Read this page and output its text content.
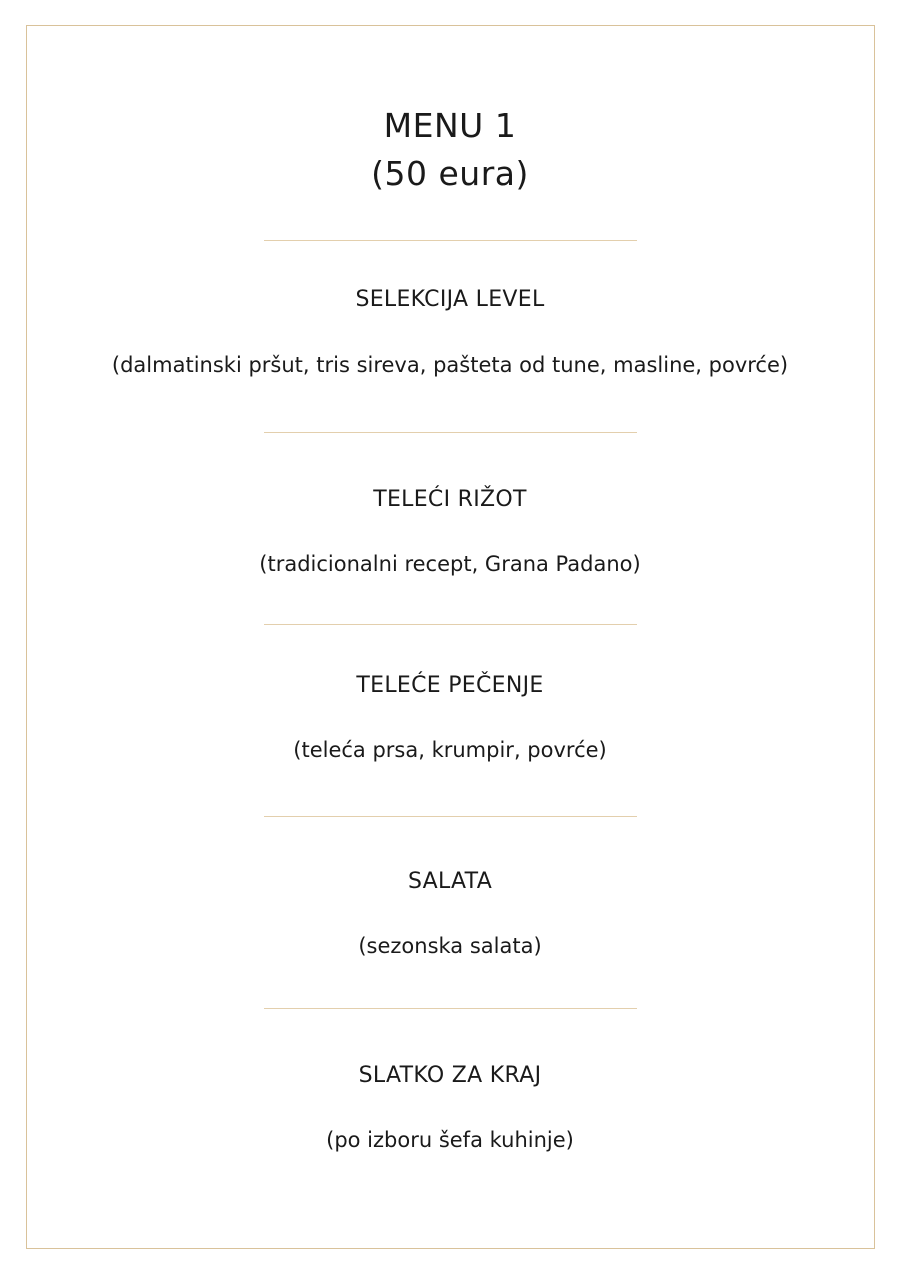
MENU 1
(50 eura)
SELEKCIJA LEVEL
(dalmatinski pršut, tris sireva, pašteta od tune, masline, povrće)
TELEĆI RIŽOT
(tradicionalni recept, Grana Padano)
TELEĆE PEČENJE
(teleća prsa, krumpir, povrće)
SALATA
(sezonska salata)
SLATKO ZA KRAJ
(po izboru šefa kuhinje)
